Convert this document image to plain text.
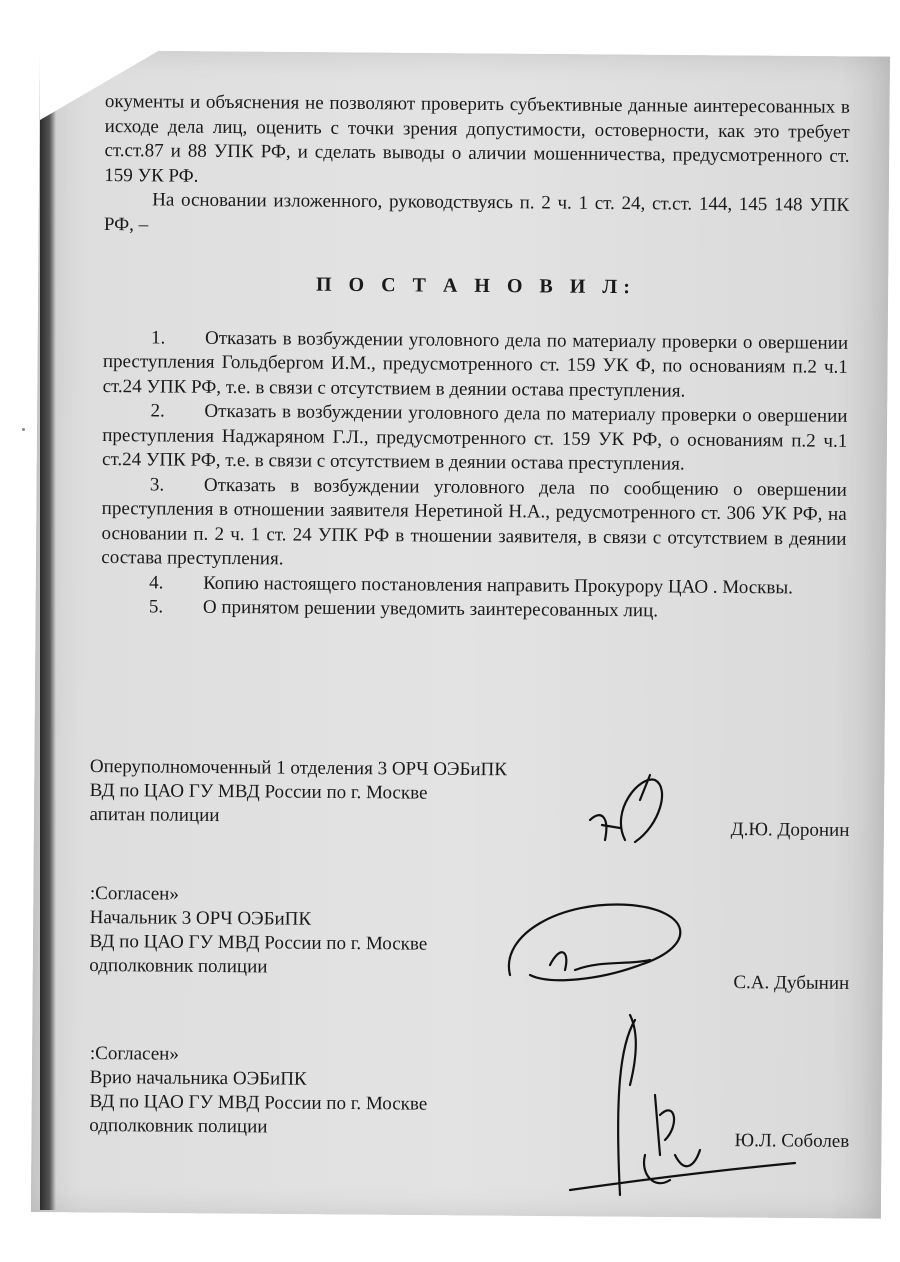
окументы и объяснения не позволяют проверить субъективные данные аинтересованных в исходе дела лиц, оценить с точки зрения допустимости, остоверности, как это требует ст.ст.87 и 88 УПК РФ, и сделать выводы о аличии мошенничества, предусмотренного ст. 159 УК РФ.

На основании изложенного, руководствуясь п. 2 ч. 1 ст. 24, ст.ст. 144, 145 148 УПК РФ, –

П О С Т А Н О В И Л:

1. Отказать в возбуждении уголовного дела по материалу проверки о овершении преступления Гольдбергом И.М., предусмотренного ст. 159 УК Ф, по основаниям п.2 ч.1 ст.24 УПК РФ, т.е. в связи с отсутствием в деянии остава преступления.

2. Отказать в возбуждении уголовного дела по материалу проверки о овершении преступления Наджаряном Г.Л., предусмотренного ст. 159 УК РФ, о основаниям п.2 ч.1 ст.24 УПК РФ, т.е. в связи с отсутствием в деянии остава преступления.

3. Отказать в возбуждении уголовного дела по сообщению о овершении преступления в отношении заявителя Неретиной Н.А., редусмотренного ст. 306 УК РФ, на основании п. 2 ч. 1 ст. 24 УПК РФ в тношении заявителя, в связи с отсутствием в деянии состава преступления.

4. Копию настоящего постановления направить Прокурору ЦАО . Москвы.

5. О принятом решении уведомить заинтересованных лиц.

Оперуполномоченный 1 отделения 3 ОРЧ ОЭБиПК

ВД по ЦАО ГУ МВД России по г. Москве

апитан полиции

Д.Ю. Доронин

:Согласен»

Начальник 3 ОРЧ ОЭБиПК

ВД по ЦАО ГУ МВД России по г. Москве

одполковник полиции

С.А. Дубынин

:Согласен»

Врио начальника ОЭБиПК

ВД по ЦАО ГУ МВД России по г. Москве

одполковник полиции

Ю.Л. Соболев
